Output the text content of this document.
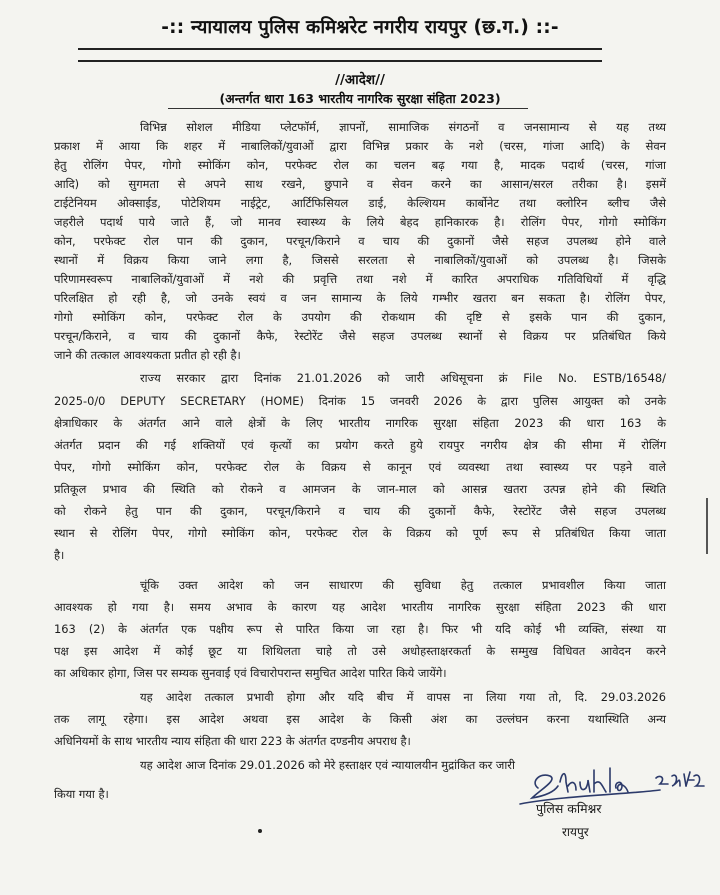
-:: न्यायालय पुलिस कमिश्नरेट नगरीय रायपुर (छ.ग.) ::-
//आदेश//
(अन्तर्गत धारा 163 भारतीय नागरिक सुरक्षा संहिता 2023)
विभिन्न सोशल मीडिया प्लेटफॉर्म, ज्ञापनों, सामाजिक संगठनों व जनसामान्य से यह तथ्य
प्रकाश में आया कि शहर में नाबालिकों/युवाओं द्वारा विभिन्न प्रकार के नशे (चरस, गांजा आदि) के सेवन
हेतु रोलिंग पेपर, गोगो स्मोकिंग कोन, परफेक्ट रोल का चलन बढ़ गया है, मादक पदार्थ (चरस, गांजा
आदि) को सुगमता से अपने साथ रखने, छुपाने व सेवन करने का आसान/सरल तरीका है। इसमें
टाईटेनियम ओक्साईड, पोटेशियम नाईट्रेट, आर्टिफिसियल डाई, केल्शियम कार्बोनेट तथा क्लोरिन ब्लीच जैसे
जहरीले पदार्थ पाये जाते हैं, जो मानव स्वास्थ्य के लिये बेहद हानिकारक है। रोलिंग पेपर, गोगो स्मोकिंग
कोन, परफेक्ट रोल पान की दुकान, परचून/किराने व चाय की दुकानों जैसे सहज उपलब्ध होने वाले
स्थानों में विक्रय किया जाने लगा है, जिससे सरलता से नाबालिकों/युवाओं को उपलब्ध है। जिसके
परिणामस्वरूप नाबालिकों/युवाओं में नशे की प्रवृत्ति तथा नशे में कारित अपराधिक गतिविधियों में वृद्धि
परिलक्षित हो रही है, जो उनके स्वयं व जन सामान्य के लिये गम्भीर खतरा बन सकता है। रोलिंग पेपर,
गोगो स्मोकिंग कोन, परफेक्ट रोल के उपयोग की रोकथाम की दृष्टि से इसके पान की दुकान,
परचून/किराने, व चाय की दुकानों कैफे, रेस्टोरेंट जैसे सहज उपलब्ध स्थानों से विक्रय पर प्रतिबंधित किये
जाने की तत्काल आवश्यकता प्रतीत हो रही है।
राज्य सरकार द्वारा दिनांक 21.01.2026 को जारी अधिसूचना क्रं File No. ESTB/16548/
2025-0/0 DEPUTY SECRETARY (HOME) दिनांक 15 जनवरी 2026 के द्वारा पुलिस आयुक्त को उनके
क्षेत्राधिकार के अंतर्गत आने वाले क्षेत्रों के लिए भारतीय नागरिक सुरक्षा संहिता 2023 की धारा 163 के
अंतर्गत प्रदान की गई शक्तियों एवं कृत्यों का प्रयोग करते हुये रायपुर नगरीय क्षेत्र की सीमा में रोलिंग
पेपर, गोगो स्मोकिंग कोन, परफेक्ट रोल के विक्रय से कानून एवं व्यवस्था तथा स्वास्थ्य पर पड़ने वाले
प्रतिकूल प्रभाव की स्थिति को रोकने व आमजन के जान-माल को आसन्न खतरा उत्पन्न होने की स्थिति
को रोकने हेतु पान की दुकान, परचून/किराने व चाय की दुकानों कैफे, रेस्टोरेंट जैसे सहज उपलब्ध
स्थान से रोलिंग पेपर, गोगो स्मोकिंग कोन, परफेक्ट रोल के विक्रय को पूर्ण रूप से प्रतिबंधित किया जाता
है।
चूंकि उक्त आदेश को जन साधारण की सुविधा हेतु तत्काल प्रभावशील किया जाता
आवश्यक हो गया है। समय अभाव के कारण यह आदेश भारतीय नागरिक सुरक्षा संहिता 2023 की धारा
163 (2) के अंतर्गत एक पक्षीय रूप से पारित किया जा रहा है। फिर भी यदि कोई भी व्यक्ति, संस्था या
पक्ष इस आदेश में कोई छूट या शिथिलता चाहे तो उसे अधोहस्ताक्षरकर्ता के सम्मुख विधिवत आवेदन करने
का अधिकार होगा, जिस पर सम्यक सुनवाई एवं विचारोपरान्त समुचित आदेश पारित किये जायेंगे।
यह आदेश तत्काल प्रभावी होगा और यदि बीच में वापस ना लिया गया तो, दि. 29.03.2026
तक लागू रहेगा। इस आदेश अथवा इस आदेश के किसी अंश का उल्लंघन करना यथास्थिति अन्य
अधिनियमों के साथ भारतीय न्याय संहिता की धारा 223 के अंतर्गत दण्डनीय अपराध है।
यह आदेश आज दिनांक 29.01.2026 को मेरे हस्ताक्षर एवं न्यायालयीन मुद्रांकित कर जारी
किया गया है।
पुलिस कमिश्नर
रायपुर
